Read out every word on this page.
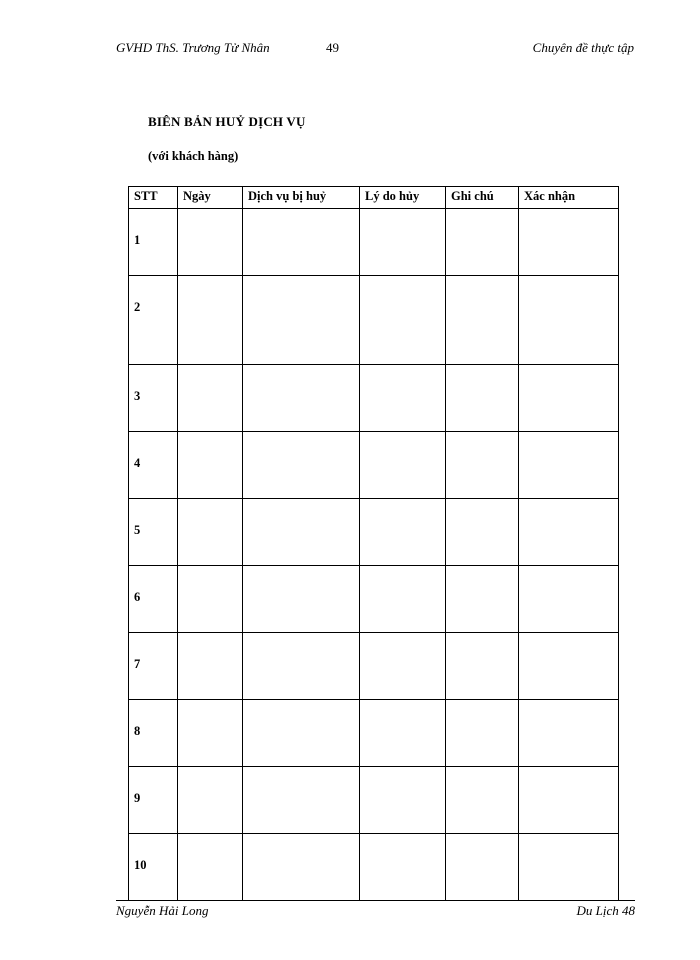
GVHD ThS. Trương Tử Nhân	49	Chuyên đề thực tập
BIÊN BẢN HUỶ DỊCH VỤ
(với khách hàng)
STT	Ngày	Dịch vụ bị huỷ	Lý do hủy	Ghi chú	Xác nhận

1					

2					

3					

4					

5					

6					

7					

8					

9					

10					

Nguyễn Hải Long	Du Lịch 48
